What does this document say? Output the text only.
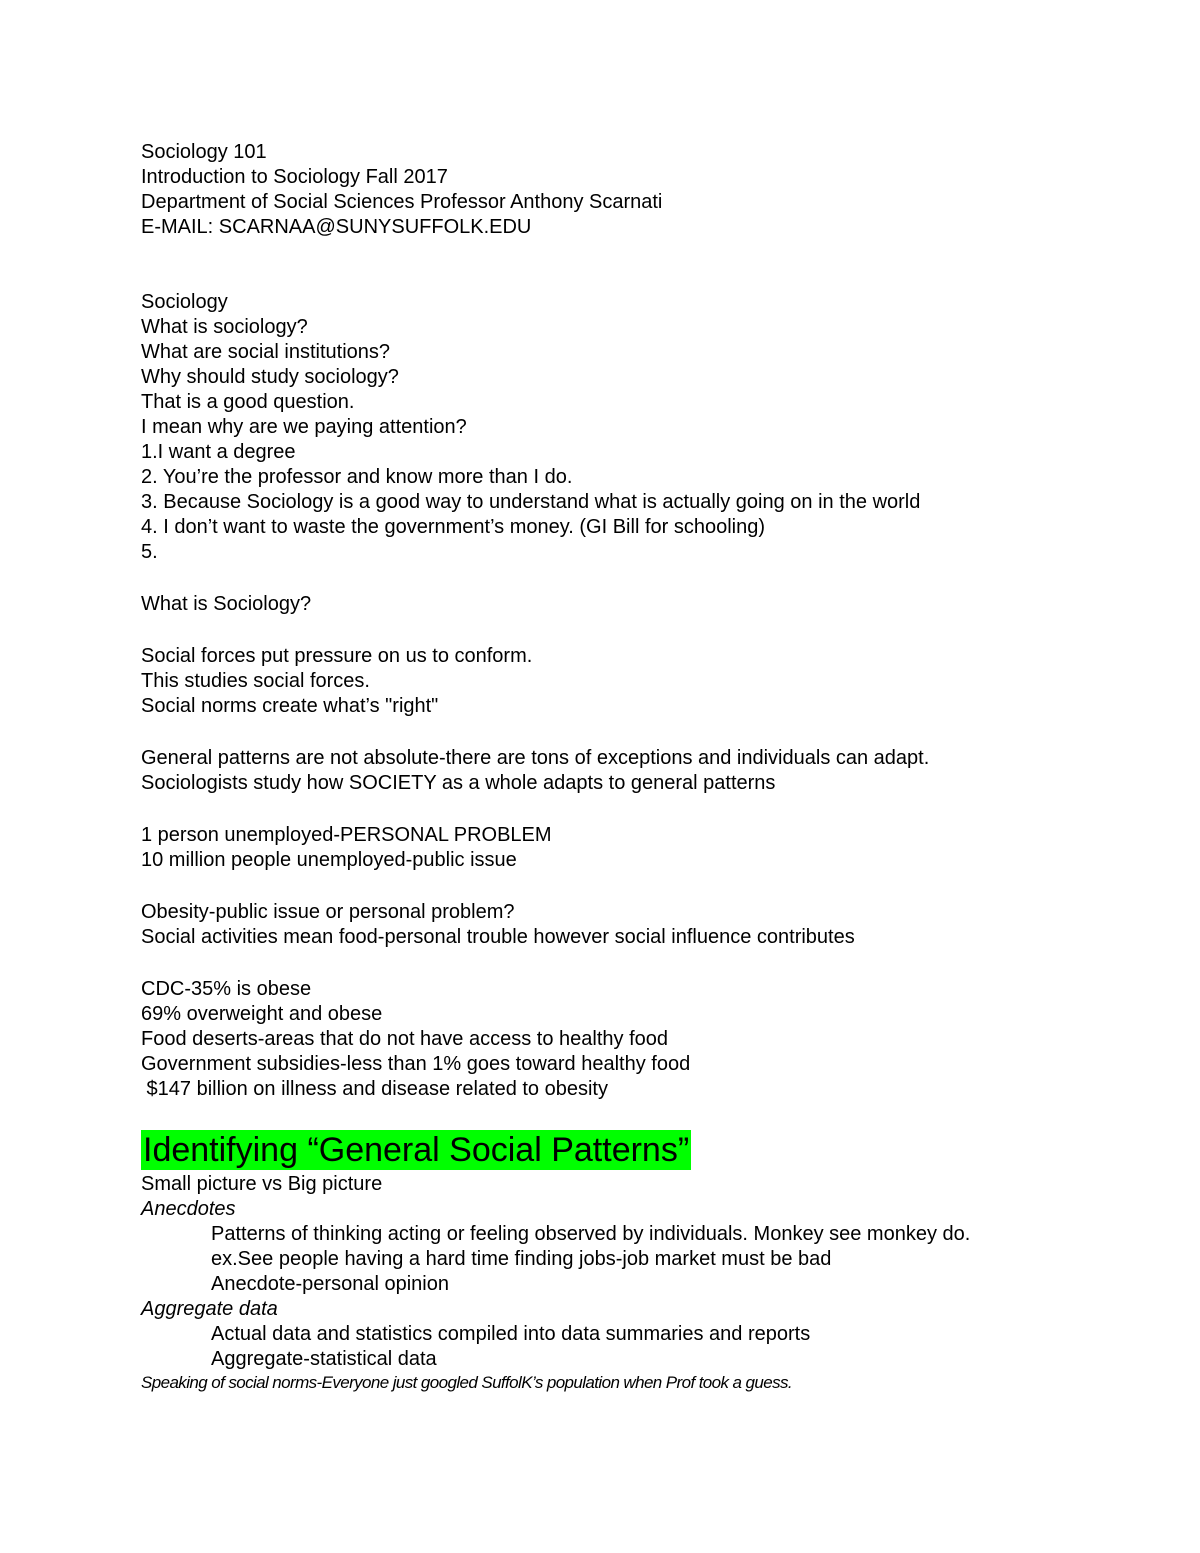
Sociology 101
Introduction to Sociology Fall 2017
Department of Social Sciences Professor Anthony Scarnati
E-MAIL: SCARNAA@SUNYSUFFOLK.EDU
Sociology
What is sociology?
What are social institutions?
Why should study sociology?
That is a good question.
I mean why are we paying attention?
1.I want a degree
2. You’re the professor and know more than I do.
3. Because Sociology is a good way to understand what is actually going on in the world
4. I don’t want to waste the government’s money. (GI Bill for schooling)
5.
What is Sociology?
Social forces put pressure on us to conform.
This studies social forces.
Social norms create what’s "right"
General patterns are not absolute-there are tons of exceptions and individuals can adapt.
Sociologists study how SOCIETY as a whole adapts to general patterns
1 person unemployed-PERSONAL PROBLEM
10 million people unemployed-public issue
Obesity-public issue or personal problem?
Social activities mean food-personal trouble however social influence contributes
CDC-35% is obese
69% overweight and obese
Food deserts-areas that do not have access to healthy food
Government subsidies-less than 1% goes toward healthy food
$147 billion on illness and disease related to obesity
Identifying “General Social Patterns”
Small picture vs Big picture
Anecdotes
Patterns of thinking acting or feeling observed by individuals. Monkey see monkey do.
ex.See people having a hard time finding jobs-job market must be bad
Anecdote-personal opinion
Aggregate data
Actual data and statistics compiled into data summaries and reports
Aggregate-statistical data
Speaking of social norms-Everyone just googled SuffolK’s population when Prof took a guess.
